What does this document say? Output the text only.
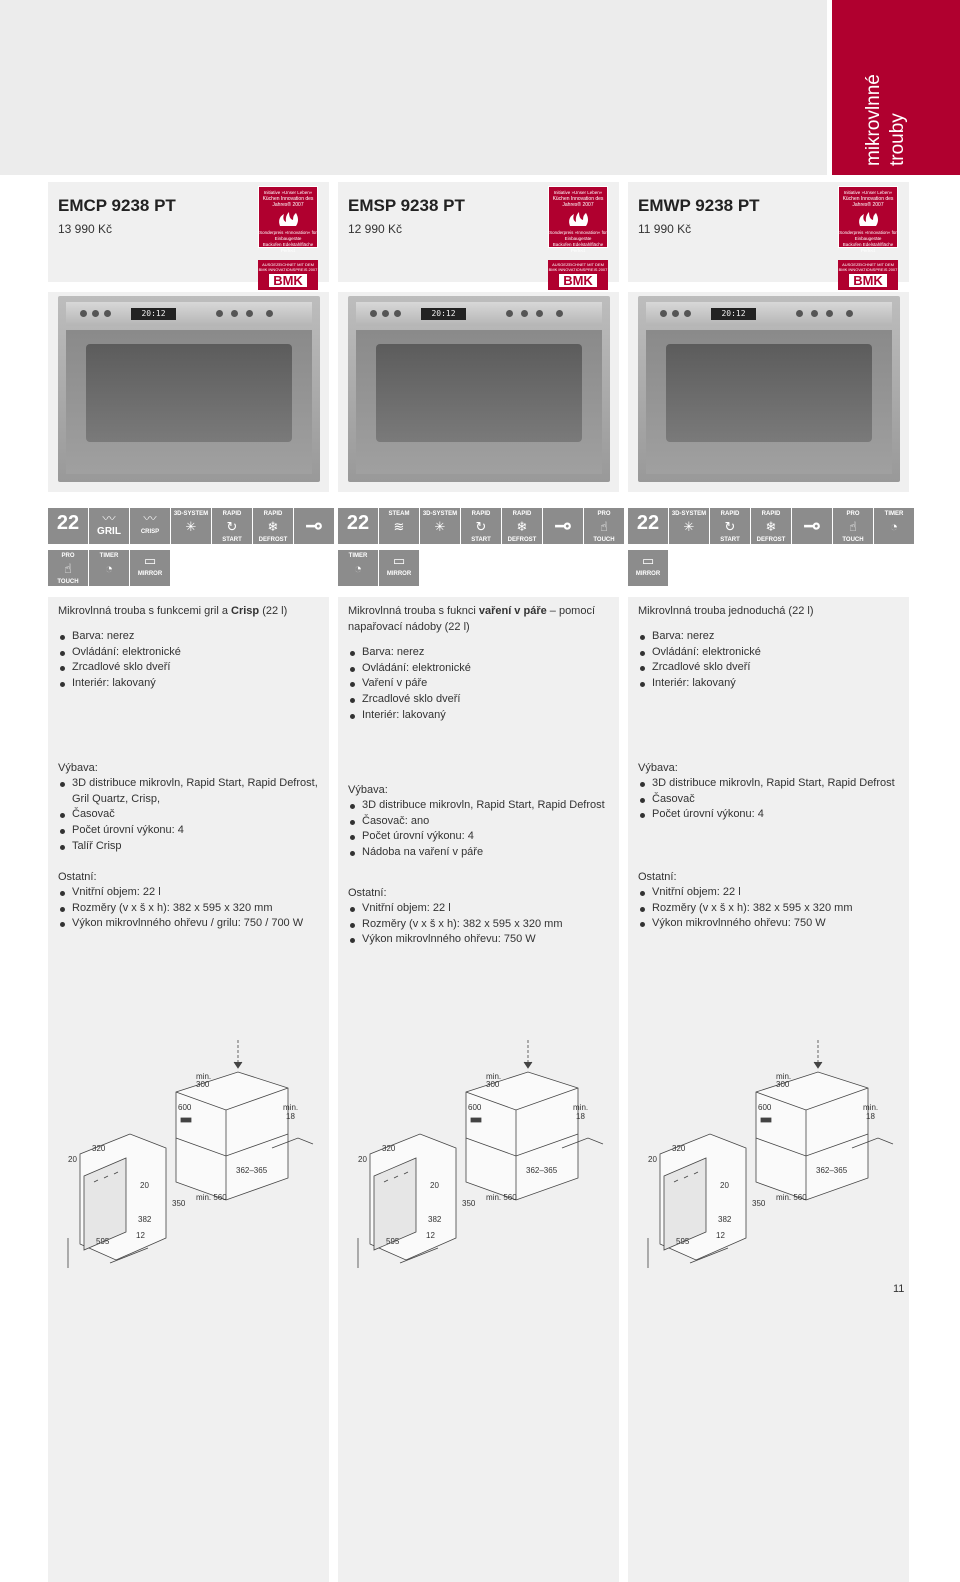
mikrovlnné trouby
EMCP 9238 PT
13 990 Kč
Initiative »Unser Leben«
Küchen Innovation des Jahres® 2007
Sonderpreis »Innovation« für Einbaugeräte
Backofen Edelstahlfläche Perfect
AUSGEZEICHNET MIT DEM BMK INNOVATIONSPREIS 2007
BMK
20:12
22	〰
GRIL
〰
CRISP
3D-SYSTEM
✳
RAPID
↻
START
RAPID
❄
DEFROST
⊸
PRO
☝
TOUCH
TIMER
◔
▭
MIRROR
Mikrovlnná trouba s funkcemi gril a Crisp (22 l)
Barva: nerez
Ovládání: elektronické
Zrcadlové sklo dveří
Interiér: lakovaný
Výbava:
3D distribuce mikrovln, Rapid Start, Rapid Defrost, Gril Quartz, Crisp,
Časovač
Počet úrovní výkonu: 4
Talíř Crisp
Ostatní:
Vnitřní objem: 22 l
Rozměry (v x š x h): 382 x 595 x 320 mm
Výkon mikrovlnného ohřevu / grilu: 750 / 700 W
min.
300
600	min.
18
320
20
362–365
20
min. 560
350
382
12
595
EMSP 9238 PT
12 990 Kč
Initiative »Unser Leben«
Küchen Innovation des Jahres® 2007
Sonderpreis »Innovation« für Einbaugeräte
Backofen Edelstahlfläche Perfect
AUSGEZEICHNET MIT DEM BMK INNOVATIONSPREIS 2007
BMK
20:12
22	STEAM
≋
3D-SYSTEM
✳
RAPID
↻
START
RAPID
❄
DEFROST
⊸	PRO
☝
TOUCH
TIMER
◔
▭
MIRROR
Mikrovlnná trouba s fuknci vaření v páře – pomocí
napařovací nádoby (22 l)
Barva: nerez
Ovládání: elektronické
Vaření v páře
Zrcadlové sklo dveří
Interiér: lakovaný
Výbava:
3D distribuce mikrovln, Rapid Start, Rapid Defrost
Časovač: ano
Počet úrovní výkonu: 4
Nádoba na vaření v páře
Ostatní:
Vnitřní objem: 22 l
Rozměry (v x š x h): 382 x 595 x 320 mm
Výkon mikrovlnného ohřevu: 750 W
min.
300
600	min.
18
320
20
362–365
20
min. 560
350
382
12
595
EMWP 9238 PT
11 990 Kč
Initiative »Unser Leben«
Küchen Innovation des Jahres® 2007
Sonderpreis »Innovation« für Einbaugeräte
Backofen Edelstahlfläche Perfect
AUSGEZEICHNET MIT DEM BMK INNOVATIONSPREIS 2007
BMK
20:12
22	3D-SYSTEM
✳
RAPID
↻
START
RAPID
❄
DEFROST
⊸	PRO
☝
TOUCH
TIMER
◔
▭
MIRROR
Mikrovlnná trouba jednoduchá (22 l)
Barva: nerez
Ovládání: elektronické
Zrcadlové sklo dveří
Interiér: lakovaný
Výbava:
3D distribuce mikrovln, Rapid Start, Rapid Defrost
Časovač
Počet úrovní výkonu: 4
Ostatní:
Vnitřní objem: 22 l
Rozměry (v x š x h): 382 x 595 x 320 mm
Výkon mikrovlnného ohřevu: 750 W
min.
300
600	min.
18
320
20
362–365
20
min. 560
350
382
12
595
11
